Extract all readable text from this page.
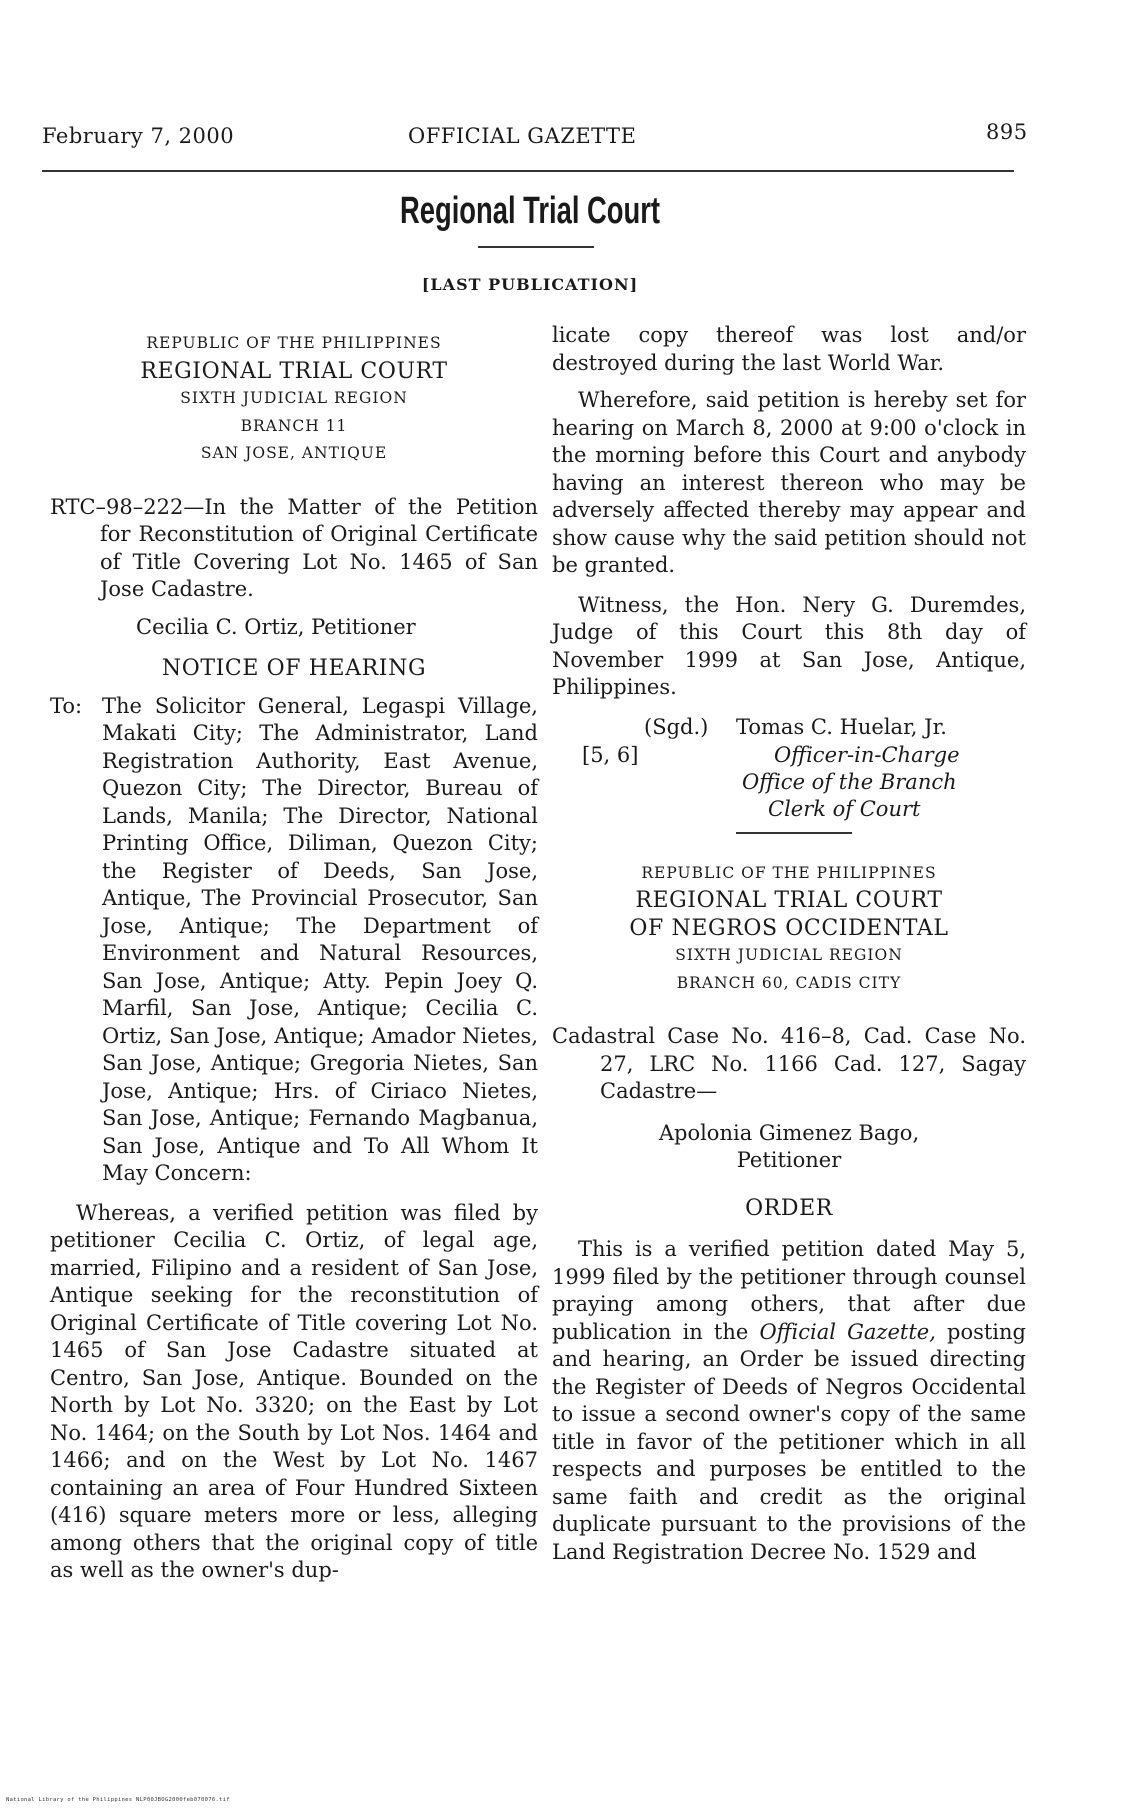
February 7, 2000	OFFICIAL GAZETTE	895
Regional Trial Court
[LAST PUBLICATION]
REPUBLIC OF THE PHILIPPINES
REGIONAL TRIAL COURT
SIXTH JUDICIAL REGION
BRANCH 11
SAN JOSE, ANTIQUE

RTC–98–222—In the Matter of the Petition for Reconstitution of Original Certificate of Title Covering Lot No. 1465 of San Jose Cadastre.

Cecilia C. Ortiz, Petitioner

NOTICE OF HEARING

To: The Solicitor General, Legaspi Village, Makati City; The Administrator, Land Registration Authority, East Avenue, Quezon City; The Director, Bureau of Lands, Manila; The Director, National Printing Office, Diliman, Quezon City; the Register of Deeds, San Jose, Antique, The Provincial Prosecutor, San Jose, Antique; The Department of Environment and Natural Resources, San Jose, Antique; Atty. Pepin Joey Q. Marfil, San Jose, Antique; Cecilia C. Ortiz, San Jose, Antique; Amador Nietes, San Jose, Antique; Gregoria Nietes, San Jose, Antique; Hrs. of Ciriaco Nietes, San Jose, Antique; Fernando Magbanua, San Jose, Antique and To All Whom It May Concern:

Whereas, a verified petition was filed by petitioner Cecilia C. Ortiz, of legal age, married, Filipino and a resident of San Jose, Antique seeking for the reconstitution of Original Certificate of Title covering Lot No. 1465 of San Jose Cadastre situated at Centro, San Jose, Antique. Bounded on the North by Lot No. 3320; on the East by Lot No. 1464; on the South by Lot Nos. 1464 and 1466; and on the West by Lot No. 1467 containing an area of Four Hundred Sixteen (416) square meters more or less, alleging among others that the original copy of title as well as the owner's dup-

licate copy thereof was lost and/or destroyed during the last World War.

Wherefore, said petition is hereby set for hearing on March 8, 2000 at 9:00 o'clock in the morning before this Court and anybody having an interest thereon who may be adversely affected thereby may appear and show cause why the said petition should not be granted.

Witness, the Hon. Nery G. Duremdes, Judge of this Court this 8th day of November 1999 at San Jose, Antique, Philippines.

(Sgd.) Tomas C. Huelar, Jr.
[5, 6]	Officer-in-Charge
Office of the Branch
Clerk of Court
REPUBLIC OF THE PHILIPPINES
REGIONAL TRIAL COURT
OF NEGROS OCCIDENTAL
SIXTH JUDICIAL REGION
BRANCH 60, CADIS CITY

Cadastral Case No. 416–8, Cad. Case No. 27, LRC No. 1166 Cad. 127, Sagay Cadastre—

Apolonia Gimenez Bago,

Petitioner

ORDER

This is a verified petition dated May 5, 1999 filed by the petitioner through counsel praying among others, that after due publication in the Official Gazette, posting and hearing, an Order be issued directing the Register of Deeds of Negros Occidental to issue a second owner's copy of the same title in favor of the petitioner which in all respects and purposes be entitled to the same faith and credit as the original duplicate pursuant to the provisions of the Land Registration Decree No. 1529 and

National Library of the Philippines NLP00JBOG2000feb070076.tif
